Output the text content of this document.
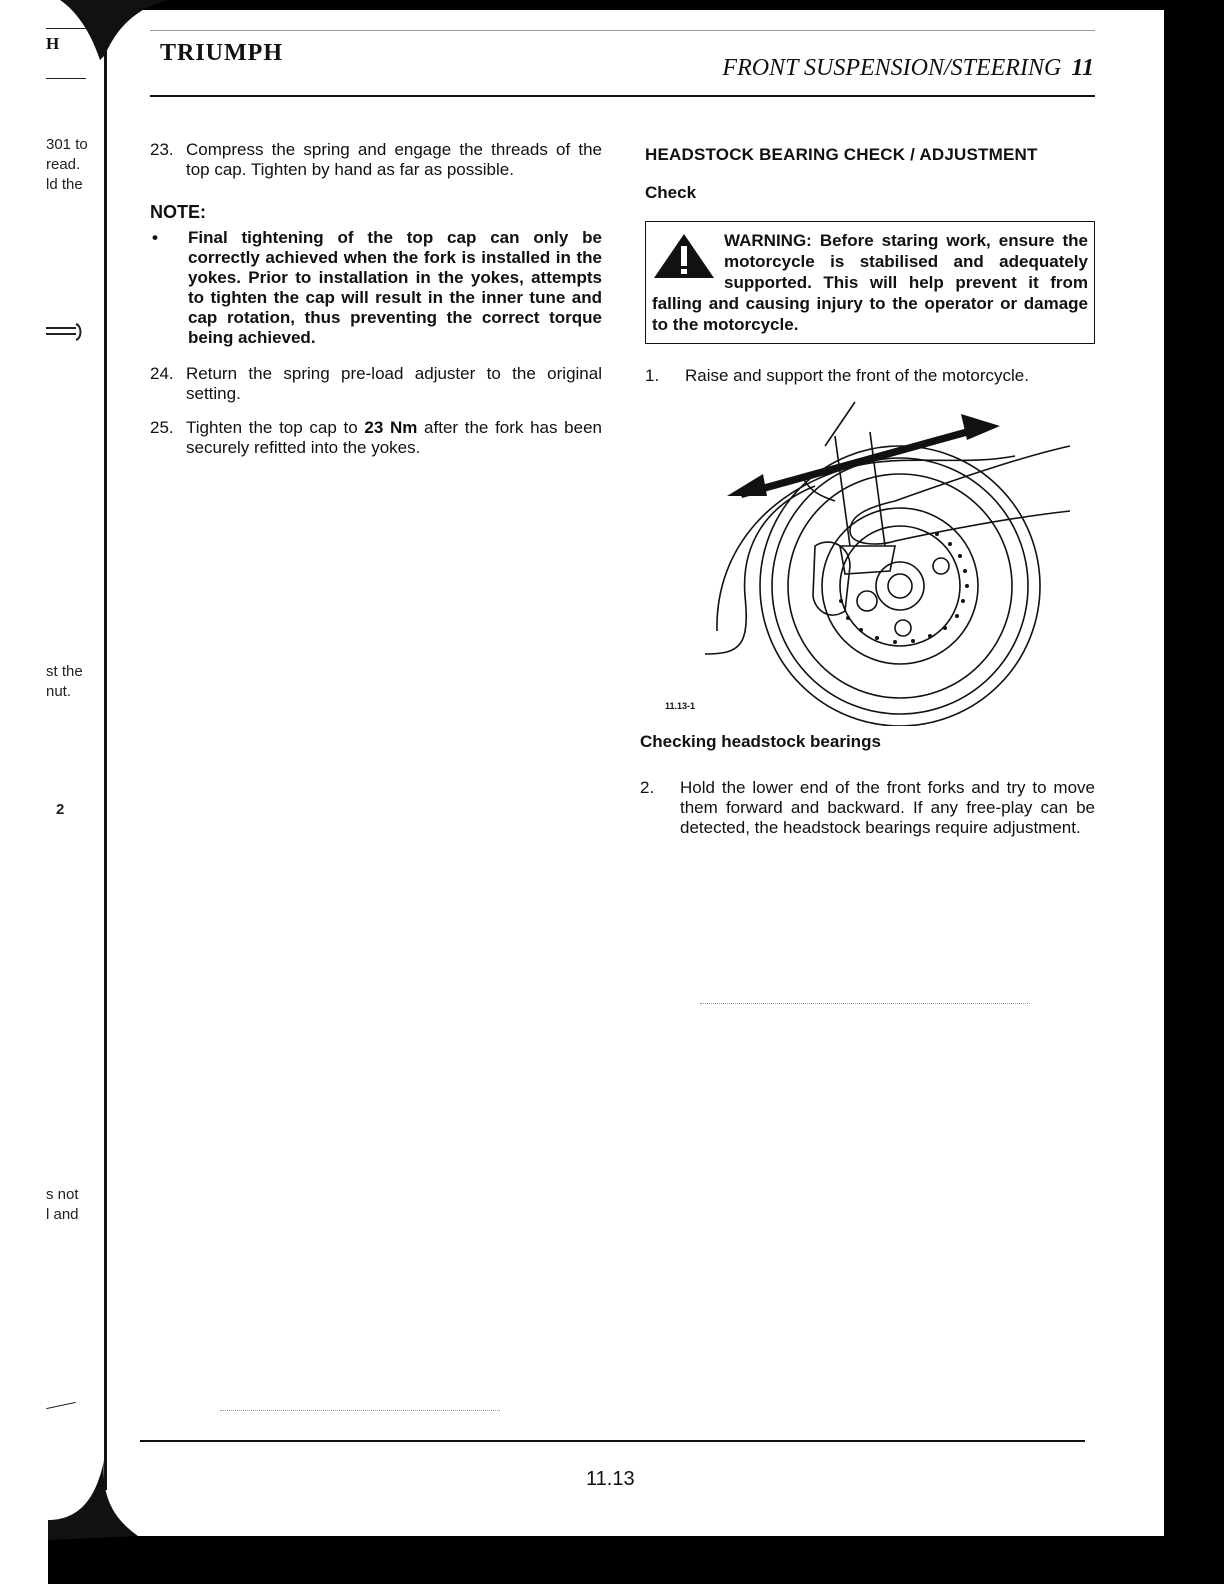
H
301 to
read.
ld the
st the
nut.
2
s not
l and
TRIUMPH
FRONT SUSPENSION/STEERING 11
23. Compress the spring and engage the threads of the top cap. Tighten by hand as far as possible.
NOTE:
•	Final tightening of the top cap can only be correctly achieved when the fork is installed in the yokes. Prior to installation in the yokes, attempts to tighten the cap will result in the inner tune and cap rotation, thus preventing the correct torque being achieved.
24. Return the spring pre-load adjuster to the original setting.
25. Tighten the top cap to 23 Nm after the fork has been securely refitted into the yokes.
HEADSTOCK BEARING CHECK / ADJUSTMENT
Check
WARNING: Before staring work, ensure the motorcycle is stabilised and adequately supported. This will help prevent it from falling and causing injury to the operator or damage to the motorcycle.
1.	Raise and support the front of the motorcycle.
11.13-1
Checking headstock bearings
2.	Hold the lower end of the front forks and try to move them forward and backward. If any free-play can be detected, the headstock bearings require adjustment.
11.13
